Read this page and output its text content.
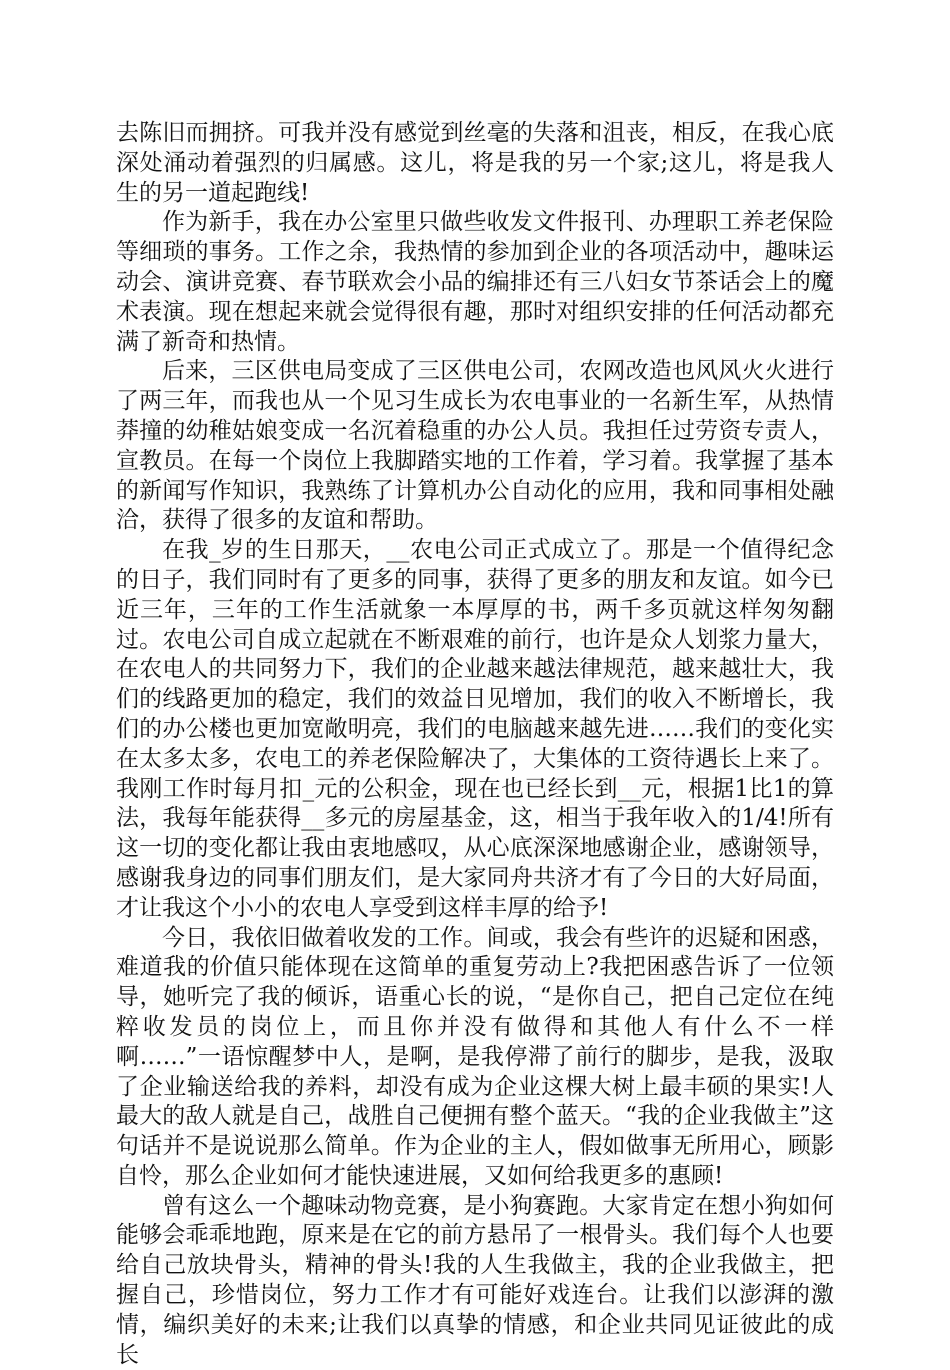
去陈旧而拥挤。可我并没有感觉到丝毫的失落和沮丧，相反，在我心底深处涌动着强烈的归属感。这儿，将是我的另一个家;这儿，将是我人生的另一道起跑线!

作为新手，我在办公室里只做些收发文件报刊、办理职工养老保险等细琐的事务。工作之余，我热情的参加到企业的各项活动中，趣味运动会、演讲竞赛、春节联欢会小品的编排还有三八妇女节茶话会上的魔术表演。现在想起来就会觉得很有趣，那时对组织安排的任何活动都充满了新奇和热情。

后来，三区供电局变成了三区供电公司，农网改造也风风火火进行了两三年，而我也从一个见习生成长为农电事业的一名新生军，从热情莽撞的幼稚姑娘变成一名沉着稳重的办公人员。我担任过劳资专责人，宣教员。在每一个岗位上我脚踏实地的工作着，学习着。我掌握了基本的新闻写作知识，我熟练了计算机办公自动化的应用，我和同事相处融洽，获得了很多的友谊和帮助。

在我_岁的生日那天，__农电公司正式成立了。那是一个值得纪念的日子，我们同时有了更多的同事，获得了更多的朋友和友谊。如今已近三年，三年的工作生活就象一本厚厚的书，两千多页就这样匆匆翻过。农电公司自成立起就在不断艰难的前行，也许是众人划浆力量大，在农电人的共同努力下，我们的企业越来越法律规范，越来越壮大，我们的线路更加的稳定，我们的效益日见增加，我们的收入不断增长，我们的办公楼也更加宽敞明亮，我们的电脑越来越先进……我们的变化实在太多太多，农电工的养老保险解决了，大集体的工资待遇长上来了。我刚工作时每月扣_元的公积金，现在也已经长到__元，根据1比1的算法，我每年能获得__多元的房屋基金，这，相当于我年收入的1/4!所有这一切的变化都让我由衷地感叹，从心底深深地感谢企业，感谢领导，感谢我身边的同事们朋友们，是大家同舟共济才有了今日的大好局面，才让我这个小小的农电人享受到这样丰厚的给予!

今日，我依旧做着收发的工作。间或，我会有些许的迟疑和困惑，难道我的价值只能体现在这简单的重复劳动上?我把困惑告诉了一位领导，她听完了我的倾诉，语重心长的说，“是你自己，把自己定位在纯粹收发员的岗位上，而且你并没有做得和其他人有什么不一样啊……”一语惊醒梦中人，是啊，是我停滞了前行的脚步，是我，汲取了企业输送给我的养料，却没有成为企业这棵大树上最丰硕的果实!人最大的敌人就是自己，战胜自己便拥有整个蓝天。“我的企业我做主”这句话并不是说说那么简单。作为企业的主人，假如做事无所用心，顾影自怜，那么企业如何才能快速进展，又如何给我更多的惠顾!

曾有这么一个趣味动物竞赛，是小狗赛跑。大家肯定在想小狗如何能够会乖乖地跑，原来是在它的前方悬吊了一根骨头。我们每个人也要给自己放块骨头，精神的骨头!我的人生我做主，我的企业我做主，把握自己，珍惜岗位，努力工作才有可能好戏连台。让我们以澎湃的激情，编织美好的未来;让我们以真挚的情感，和企业共同见证彼此的成长
